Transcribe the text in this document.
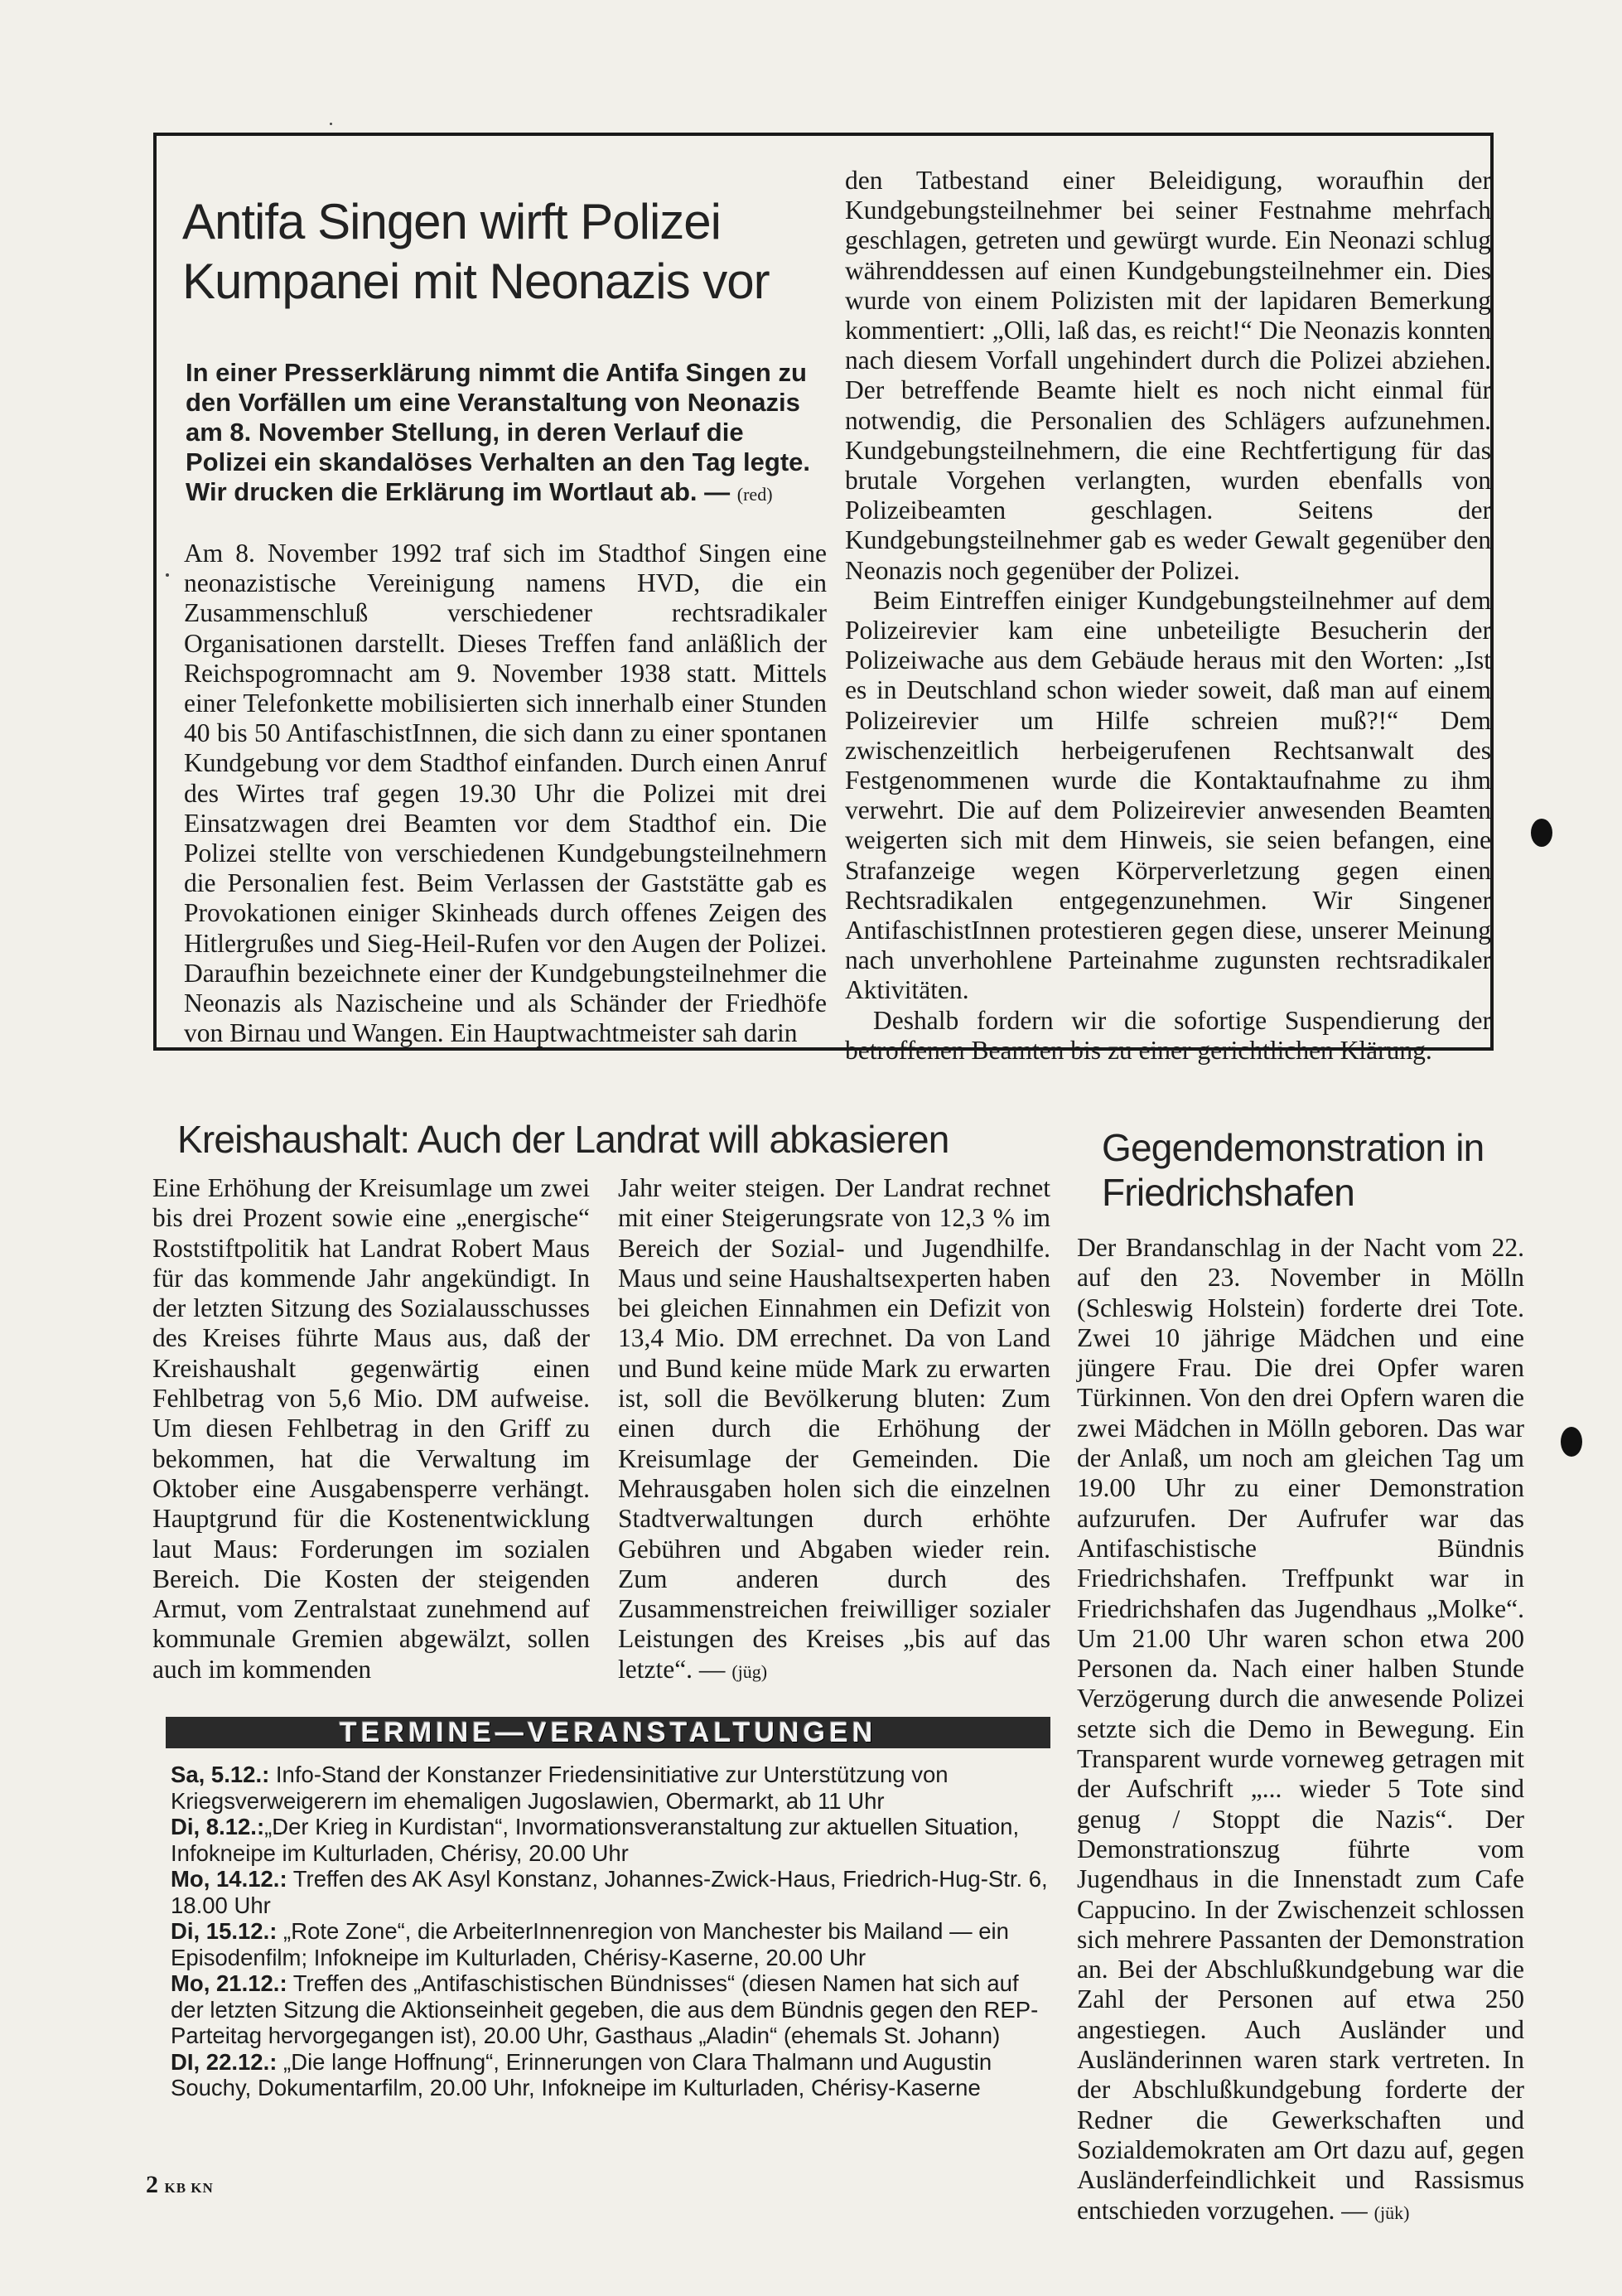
Antifa Singen wirft Polizei Kumpanei mit Neonazis vor
In einer Presserklärung nimmt die Antifa Singen zu den Vorfällen um eine Veranstaltung von Neonazis am 8. November Stellung, in deren Verlauf die Polizei ein skandalöses Verhalten an den Tag legte. Wir drucken die Erklärung im Wortlaut ab. — (red)

Am 8. November 1992 traf sich im Stadthof Singen eine neonazistische Vereinigung namens HVD, die ein Zusammenschluß verschiedener rechtsradikaler Organisationen darstellt. Dieses Treffen fand anläßlich der Reichspogromnacht am 9. November 1938 statt. Mittels einer Telefonkette mobilisierten sich innerhalb einer Stunden 40 bis 50 AntifaschistInnen, die sich dann zu einer spontanen Kundgebung vor dem Stadthof einfanden. Durch einen Anruf des Wirtes traf gegen 19.30 Uhr die Polizei mit drei Einsatzwagen drei Beamten vor dem Stadthof ein. Die Polizei stellte von verschiedenen Kundgebungsteilnehmern die Personalien fest. Beim Verlassen der Gaststätte gab es Provokationen einiger Skinheads durch offenes Zeigen des Hitlergrußes und Sieg-Heil-Rufen vor den Augen der Polizei. Daraufhin bezeichnete einer der Kundgebungsteilnehmer die Neonazis als Nazischeine und als Schänder der Friedhöfe von Birnau und Wangen. Ein Hauptwachtmeister sah darin

den Tatbestand einer Beleidigung, woraufhin der Kundgebungsteilnehmer bei seiner Festnahme mehrfach geschlagen, getreten und gewürgt wurde. Ein Neonazi schlug währenddessen auf einen Kundgebungsteilnehmer ein. Dies wurde von einem Polizisten mit der lapidaren Bemerkung kommentiert: „Olli, laß das, es reicht!“ Die Neonazis konnten nach diesem Vorfall ungehindert durch die Polizei abziehen. Der betreffende Beamte hielt es noch nicht einmal für notwendig, die Personalien des Schlägers aufzunehmen. Kundgebungsteilnehmern, die eine Rechtfertigung für das brutale Vorgehen verlangten, wurden ebenfalls von Polizeibeamten geschlagen. Seitens der Kundgebungsteilnehmer gab es weder Gewalt gegenüber den Neonazis noch gegenüber der Polizei.

Beim Eintreffen einiger Kundgebungsteilnehmer auf dem Polizeirevier kam eine unbeteiligte Besucherin der Polizeiwache aus dem Gebäude heraus mit den Worten: „Ist es in Deutschland schon wieder soweit, daß man auf einem Polizeirevier um Hilfe schreien muß?!“ Dem zwischenzeitlich herbeigerufenen Rechtsanwalt des Festgenommenen wurde die Kontaktaufnahme zu ihm verwehrt. Die auf dem Polizeirevier anwesenden Beamten weigerten sich mit dem Hinweis, sie seien befangen, eine Strafanzeige wegen Körperverletzung gegen einen Rechtsradikalen entgegenzunehmen. Wir Singener AntifaschistInnen protestieren gegen diese, unserer Meinung nach unverhohlene Parteinahme zugunsten rechtsradikaler Aktivitäten.

Deshalb fordern wir die sofortige Suspendierung der betroffenen Beamten bis zu einer gerichtlichen Klärung.

Kreishaushalt: Auch der Landrat will abkasieren

Eine Erhöhung der Kreisumlage um zwei bis drei Prozent sowie eine „energische“ Roststiftpolitik hat Landrat Robert Maus für das kommende Jahr angekündigt. In der letzten Sitzung des Sozialausschusses des Kreises führte Maus aus, daß der Kreishaushalt gegenwärtig einen Fehlbetrag von 5,6 Mio. DM aufweise. Um diesen Fehlbetrag in den Griff zu bekommen, hat die Verwaltung im Oktober eine Ausgabensperre verhängt. Hauptgrund für die Kostenentwicklung laut Maus: Forderungen im sozialen Bereich. Die Kosten der steigenden Armut, vom Zentralstaat zunehmend auf kommunale Gremien abgewälzt, sollen auch im kommenden

Jahr weiter steigen. Der Landrat rechnet mit einer Steigerungsrate von 12,3 % im Bereich der Sozial- und Jugendhilfe. Maus und seine Haushaltsexperten haben bei gleichen Einnahmen ein Defizit von 13,4 Mio. DM errechnet. Da von Land und Bund keine müde Mark zu erwarten ist, soll die Bevölkerung bluten: Zum einen durch die Erhöhung der Kreisumlage der Gemeinden. Die Mehrausgaben holen sich die einzelnen Stadtverwaltungen durch erhöhte Gebühren und Abgaben wieder rein. Zum anderen durch des Zusammenstreichen freiwilliger sozialer Leistungen des Kreises „bis auf das letzte“. — (jüg)

Gegendemonstration in
Friedrichshafen

Der Brandanschlag in der Nacht vom 22. auf den 23. November in Mölln (Schleswig Holstein) forderte drei Tote. Zwei 10 jährige Mädchen und eine jüngere Frau. Die drei Opfer waren Türkinnen. Von den drei Opfern waren die zwei Mädchen in Mölln geboren. Das war der Anlaß, um noch am gleichen Tag um 19.00 Uhr zu einer Demonstration aufzurufen. Der Aufrufer war das Antifaschistische Bündnis Friedrichshafen. Treffpunkt war in Friedrichshafen das Jugendhaus „Molke“. Um 21.00 Uhr waren schon etwa 200 Personen da. Nach einer halben Stunde Verzögerung durch die anwesende Polizei setzte sich die Demo in Bewegung. Ein Transparent wurde vorneweg getragen mit der Aufschrift „... wieder 5 Tote sind genug / Stoppt die Nazis“. Der Demonstrationszug führte vom Jugendhaus in die Innenstadt zum Cafe Cappucino. In der Zwischenzeit schlossen sich mehrere Passanten der Demonstration an. Bei der Abschlußkundgebung war die Zahl der Personen auf etwa 250 angestiegen. Auch Ausländer und Ausländerinnen waren stark vertreten. In der Abschlußkundgebung forderte der Redner die Gewerkschaften und Sozialdemokraten am Ort dazu auf, gegen Ausländerfeindlichkeit und Rassismus entschieden vorzugehen. — (jük)

TERMINE—VERANSTALTUNGEN

Sa, 5.12.: Info-Stand der Konstanzer Friedensinitiative zur Unterstützung von Kriegsverweigerern im ehemaligen Jugoslawien, Obermarkt, ab 11 Uhr

Di, 8.12.:„Der Krieg in Kurdistan“, Invormationsveranstaltung zur aktuellen Situation, Infokneipe im Kulturladen, Chérisy, 20.00 Uhr

Mo, 14.12.: Treffen des AK Asyl Konstanz, Johannes-Zwick-Haus, Friedrich-Hug-Str. 6, 18.00 Uhr

Di, 15.12.: „Rote Zone“, die ArbeiterInnenregion von Manchester bis Mailand — ein Episodenfilm; Infokneipe im Kulturladen, Chérisy-Kaserne, 20.00 Uhr

Mo, 21.12.: Treffen des „Antifaschistischen Bündnisses“ (diesen Namen hat sich auf der letzten Sitzung die Aktionseinheit gegeben, die aus dem Bündnis gegen den REP-Parteitag hervorgegangen ist), 20.00 Uhr, Gasthaus „Aladin“ (ehemals St. Johann)

DI, 22.12.: „Die lange Hoffnung“, Erinnerungen von Clara Thalmann und Augustin Souchy, Dokumentarfilm, 20.00 Uhr, Infokneipe im Kulturladen, Chérisy-Kaserne

2 KB KN
